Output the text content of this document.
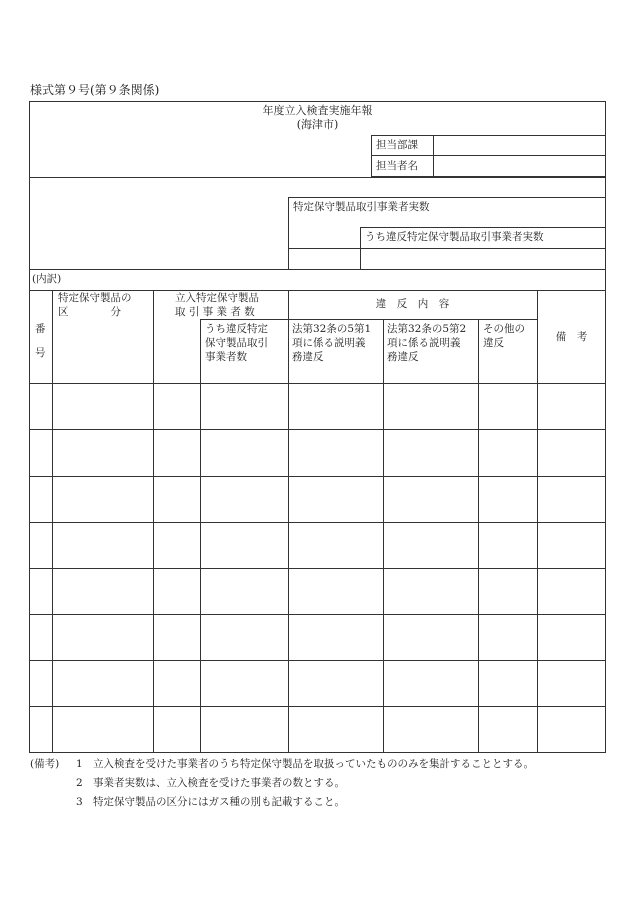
様式第９号(第９条関係)
年度立入検査実施年報
(海津市)
担当部課
担当者名
特定保守製品取引事業者実数
うち違反特定保守製品取引事業者実数
(内訳)
番
号
特定保守製品の
区　　　　分
立入特定保守製品
取 引 事 業 者 数
うち違反特定
保守製品取引
事業者数
違　反　内　容
法第32条の5第1
項に係る説明義
務違反
法第32条の5第2
項に係る説明義
務違反
その他の
違反	備　考
(備考) 1 立入検査を受けた事業者のうち特定保守製品を取扱っていたもののみを集計することとする。
2 事業者実数は、立入検査を受けた事業者の数とする。
3 特定保守製品の区分にはガス種の別も記載すること。
